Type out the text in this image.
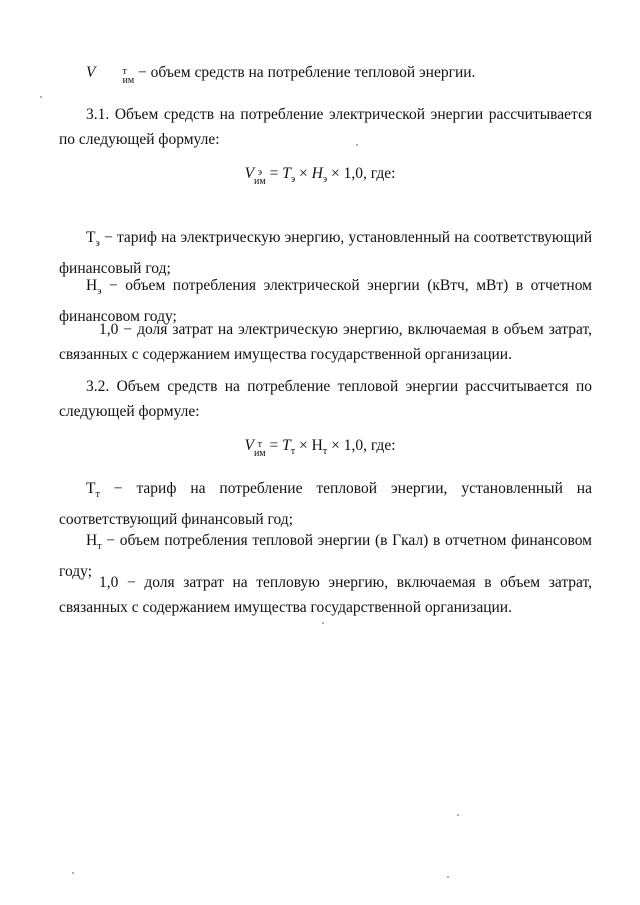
V	т
им − объем средств на потребление тепловой энергии.

3.1. Объем средств на потребление электрической энергии рассчитывается по следующей формуле:

V э
им = $T_э \times H_э \times 1,0$, где:

$Т_э$ − тариф на электрическую энергию, установленный на соответствующий финансовый год;

$Н_э$ − объем потребления электрической энергии (кВтч, мВт) в отчетном финансовом году;

1,0 − доля затрат на электрическую энергию, включаемая в объем затрат, связанных с содержанием имущества государственной организации.

3.2. Объем средств на потребление тепловой энергии рассчитывается по следующей формуле:

V т
им = $T_т \times Н_т \times 1,0$, где:

$Т_т$ − тариф на потребление тепловой энергии, установленный на соответствующий финансовый год;

$Н_т$ − объем потребления тепловой энергии (в Гкал) в отчетном финансовом году;

1,0 − доля затрат на тепловую энергию, включаемая в объем затрат, связанных с содержанием имущества государственной организации.
